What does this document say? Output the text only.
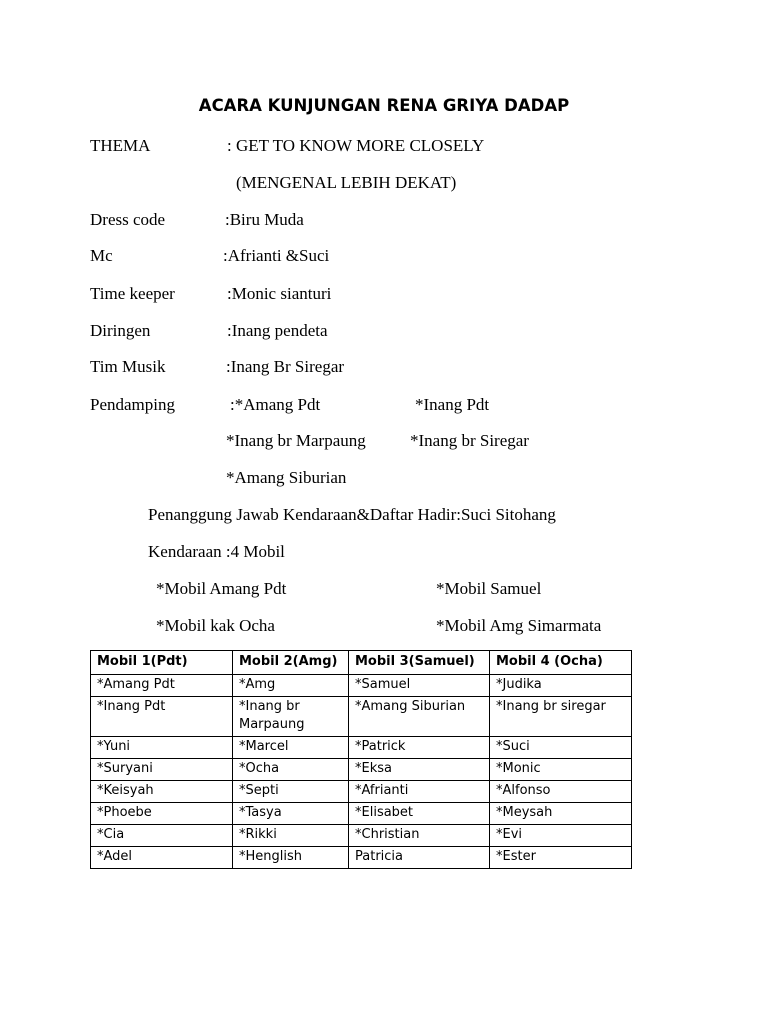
ACARA KUNJUNGAN RENA GRIYA DADAP
THEMA	: GET TO KNOW MORE CLOSELY
(MENGENAL LEBIH DEKAT)
Dress code	:Biru Muda
Mc	:Afrianti &Suci
Time keeper	:Monic sianturi
Diringen	:Inang pendeta
Tim Musik	:Inang Br Siregar
Pendamping	:*Amang Pdt	*Inang Pdt
*Inang br Marpaung	*Inang br Siregar
*Amang Siburian
Penanggung Jawab Kendaraan&Daftar Hadir:Suci Sitohang
Kendaraan :4 Mobil
*Mobil Amang Pdt	*Mobil Samuel
*Mobil kak Ocha	*Mobil Amg Simarmata
Mobil 1(Pdt)	Mobil 2(Amg)	Mobil 3(Samuel)	Mobil 4 (Ocha)
*Amang Pdt	*Amg	*Samuel	*Judika
*Inang Pdt	*Inang br Marpaung	*Amang Siburian	*Inang br siregar
*Yuni	*Marcel	*Patrick	*Suci
*Suryani	*Ocha	*Eksa	*Monic
*Keisyah	*Septi	*Afrianti	*Alfonso
*Phoebe	*Tasya	*Elisabet	*Meysah
*Cia	*Rikki	*Christian	*Evi
*Adel	*Henglish	Patricia	*Ester
